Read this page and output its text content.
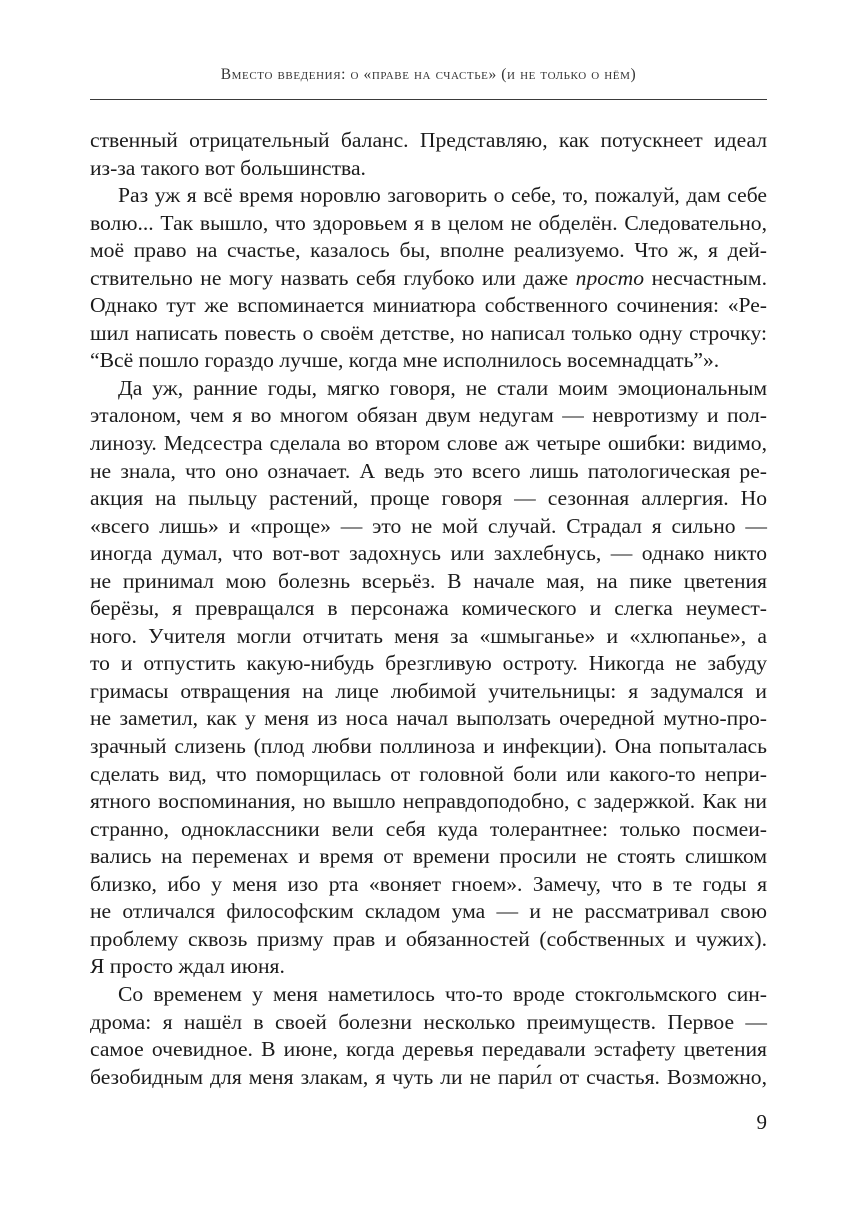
Вместо введения: о «праве на счастье» (и не только о нём)
ственный отрицательный баланс. Представляю, как потускнеет идеал
из-за такого вот большинства.
Раз уж я всё время норовлю заговорить о себе, то, пожалуй, дам себе
волю... Так вышло, что здоровьем я в целом не обделён. Следовательно,
моё право на счастье, казалось бы, вполне реализуемо. Что ж, я дей-
ствительно не могу назвать себя глубоко или даже просто несчастным.
Однако тут же вспоминается миниатюра собственного сочинения: «Ре-
шил написать повесть о своём детстве, но написал только одну строчку:
“Всё пошло гораздо лучше, когда мне исполнилось восемнадцать”».
Да уж, ранние годы, мягко говоря, не стали моим эмоциональным
эталоном, чем я во многом обязан двум недугам — невротизму и пол-
линозу. Медсестра сделала во втором слове аж четыре ошибки: видимо,
не знала, что оно означает. А ведь это всего лишь патологическая ре-
акция на пыльцу растений, проще говоря — сезонная аллергия. Но
«всего лишь» и «проще» — это не мой случай. Страдал я сильно —
иногда думал, что вот-вот задохнусь или захлебнусь, — однако никто
не принимал мою болезнь всерьёз. В начале мая, на пике цветения
берёзы, я превращался в персонажа комического и слегка неумест-
ного. Учителя могли отчитать меня за «шмыганье» и «хлюпанье», а
то и отпустить какую-нибудь брезгливую остроту. Никогда не забуду
гримасы отвращения на лице любимой учительницы: я задумался и
не заметил, как у меня из носа начал выползать очередной мутно-про-
зрачный слизень (плод любви поллиноза и инфекции). Она попыталась
сделать вид, что поморщилась от головной боли или какого-то непри-
ятного воспоминания, но вышло неправдоподобно, с задержкой. Как ни
странно, одноклассники вели себя куда толерантнее: только посмеи-
вались на переменах и время от времени просили не стоять слишком
близко, ибо у меня изо рта «воняет гноем». Замечу, что в те годы я
не отличался философским складом ума — и не рассматривал свою
проблему сквозь призму прав и обязанностей (собственных и чужих).
Я просто ждал июня.
Со временем у меня наметилось что-то вроде стокгольмского син-
дрома: я нашёл в своей болезни несколько преимуществ. Первое —
самое очевидное. В июне, когда деревья передавали эстафету цветения
безобидным для меня злакам, я чуть ли не пари́л от счастья. Возможно,
9
